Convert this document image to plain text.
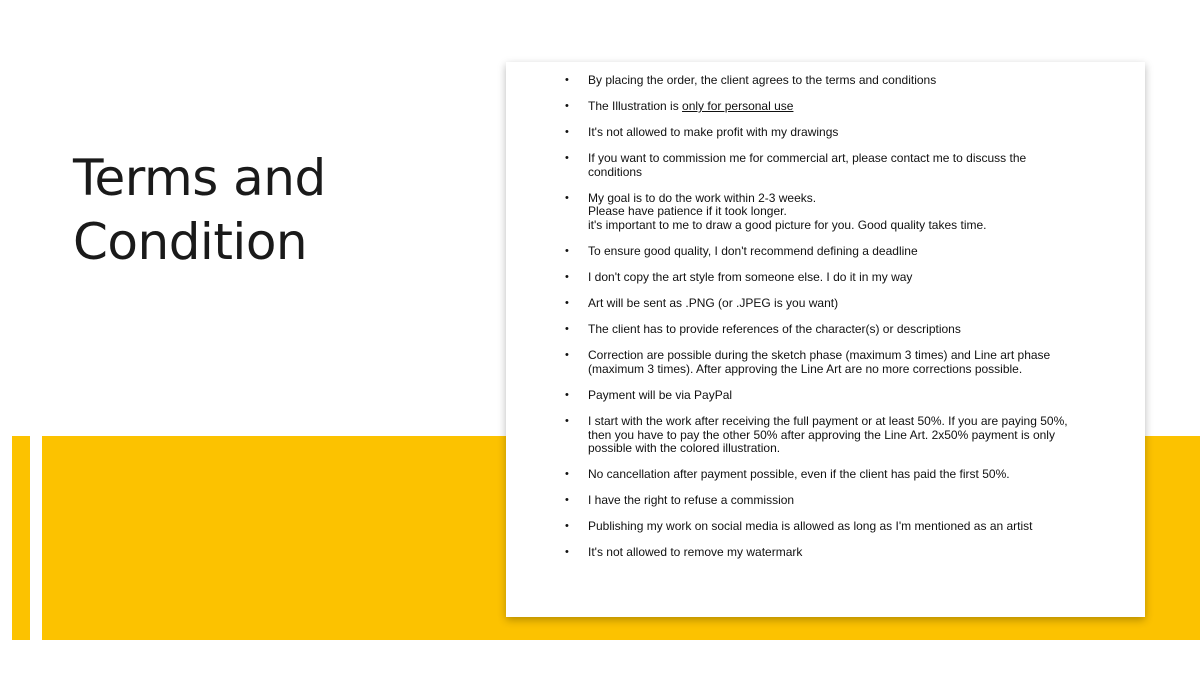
Terms and Condition
• By placing the order, the client agrees to the terms and conditions
• The Illustration is only for personal use
• It's not allowed to make profit with my drawings
• If you want to commission me for commercial art, please contact me to discuss the
conditions
• My goal is to do the work within 2-3 weeks.
Please have patience if it took longer.
it's important to me to draw a good picture for you. Good quality takes time.
• To ensure good quality, I don't recommend defining a deadline
• I don't copy the art style from someone else. I do it in my way
• Art will be sent as .PNG (or .JPEG is you want)
• The client has to provide references of the character(s) or descriptions
• Correction are possible during the sketch phase (maximum 3 times) and Line art phase
(maximum 3 times). After approving the Line Art are no more corrections possible.
• Payment will be via PayPal
• I start with the work after receiving the full payment or at least 50%. If you are paying 50%,
then you have to pay the other 50% after approving the Line Art. 2x50% payment is only
possible with the colored illustration.
• No cancellation after payment possible, even if the client has paid the first 50%.
• I have the right to refuse a commission
• Publishing my work on social media is allowed as long as I'm mentioned as an artist
• It's not allowed to remove my watermark
